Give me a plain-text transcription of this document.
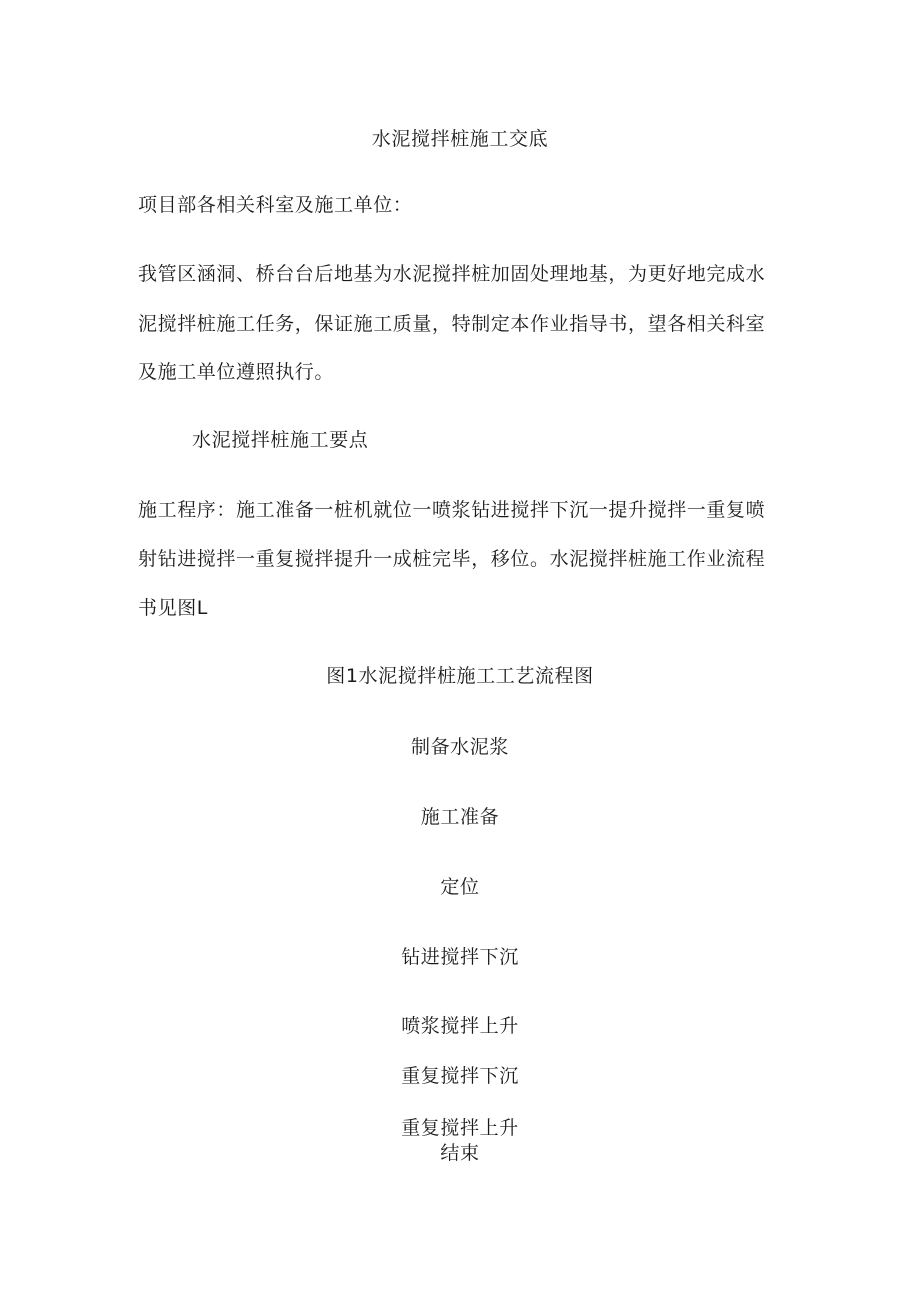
水泥搅拌桩施工交底
项目部各相关科室及施工单位：
我管区涵洞、桥台台后地基为水泥搅拌桩加固处理地基，为更好地完成水
泥搅拌桩施工任务，保证施工质量，特制定本作业指导书，望各相关科室
及施工单位遵照执行。
水泥搅拌桩施工要点
施工程序：施工准备一桩机就位一喷浆钻进搅拌下沉一提升搅拌一重复喷
射钻进搅拌一重复搅拌提升一成桩完毕，移位。水泥搅拌桩施工作业流程
书见图L
图1水泥搅拌桩施工工艺流程图
制备水泥浆
施工准备
定位
钻进搅拌下沉
喷浆搅拌上升
重复搅拌下沉
重复搅拌上升
结束
